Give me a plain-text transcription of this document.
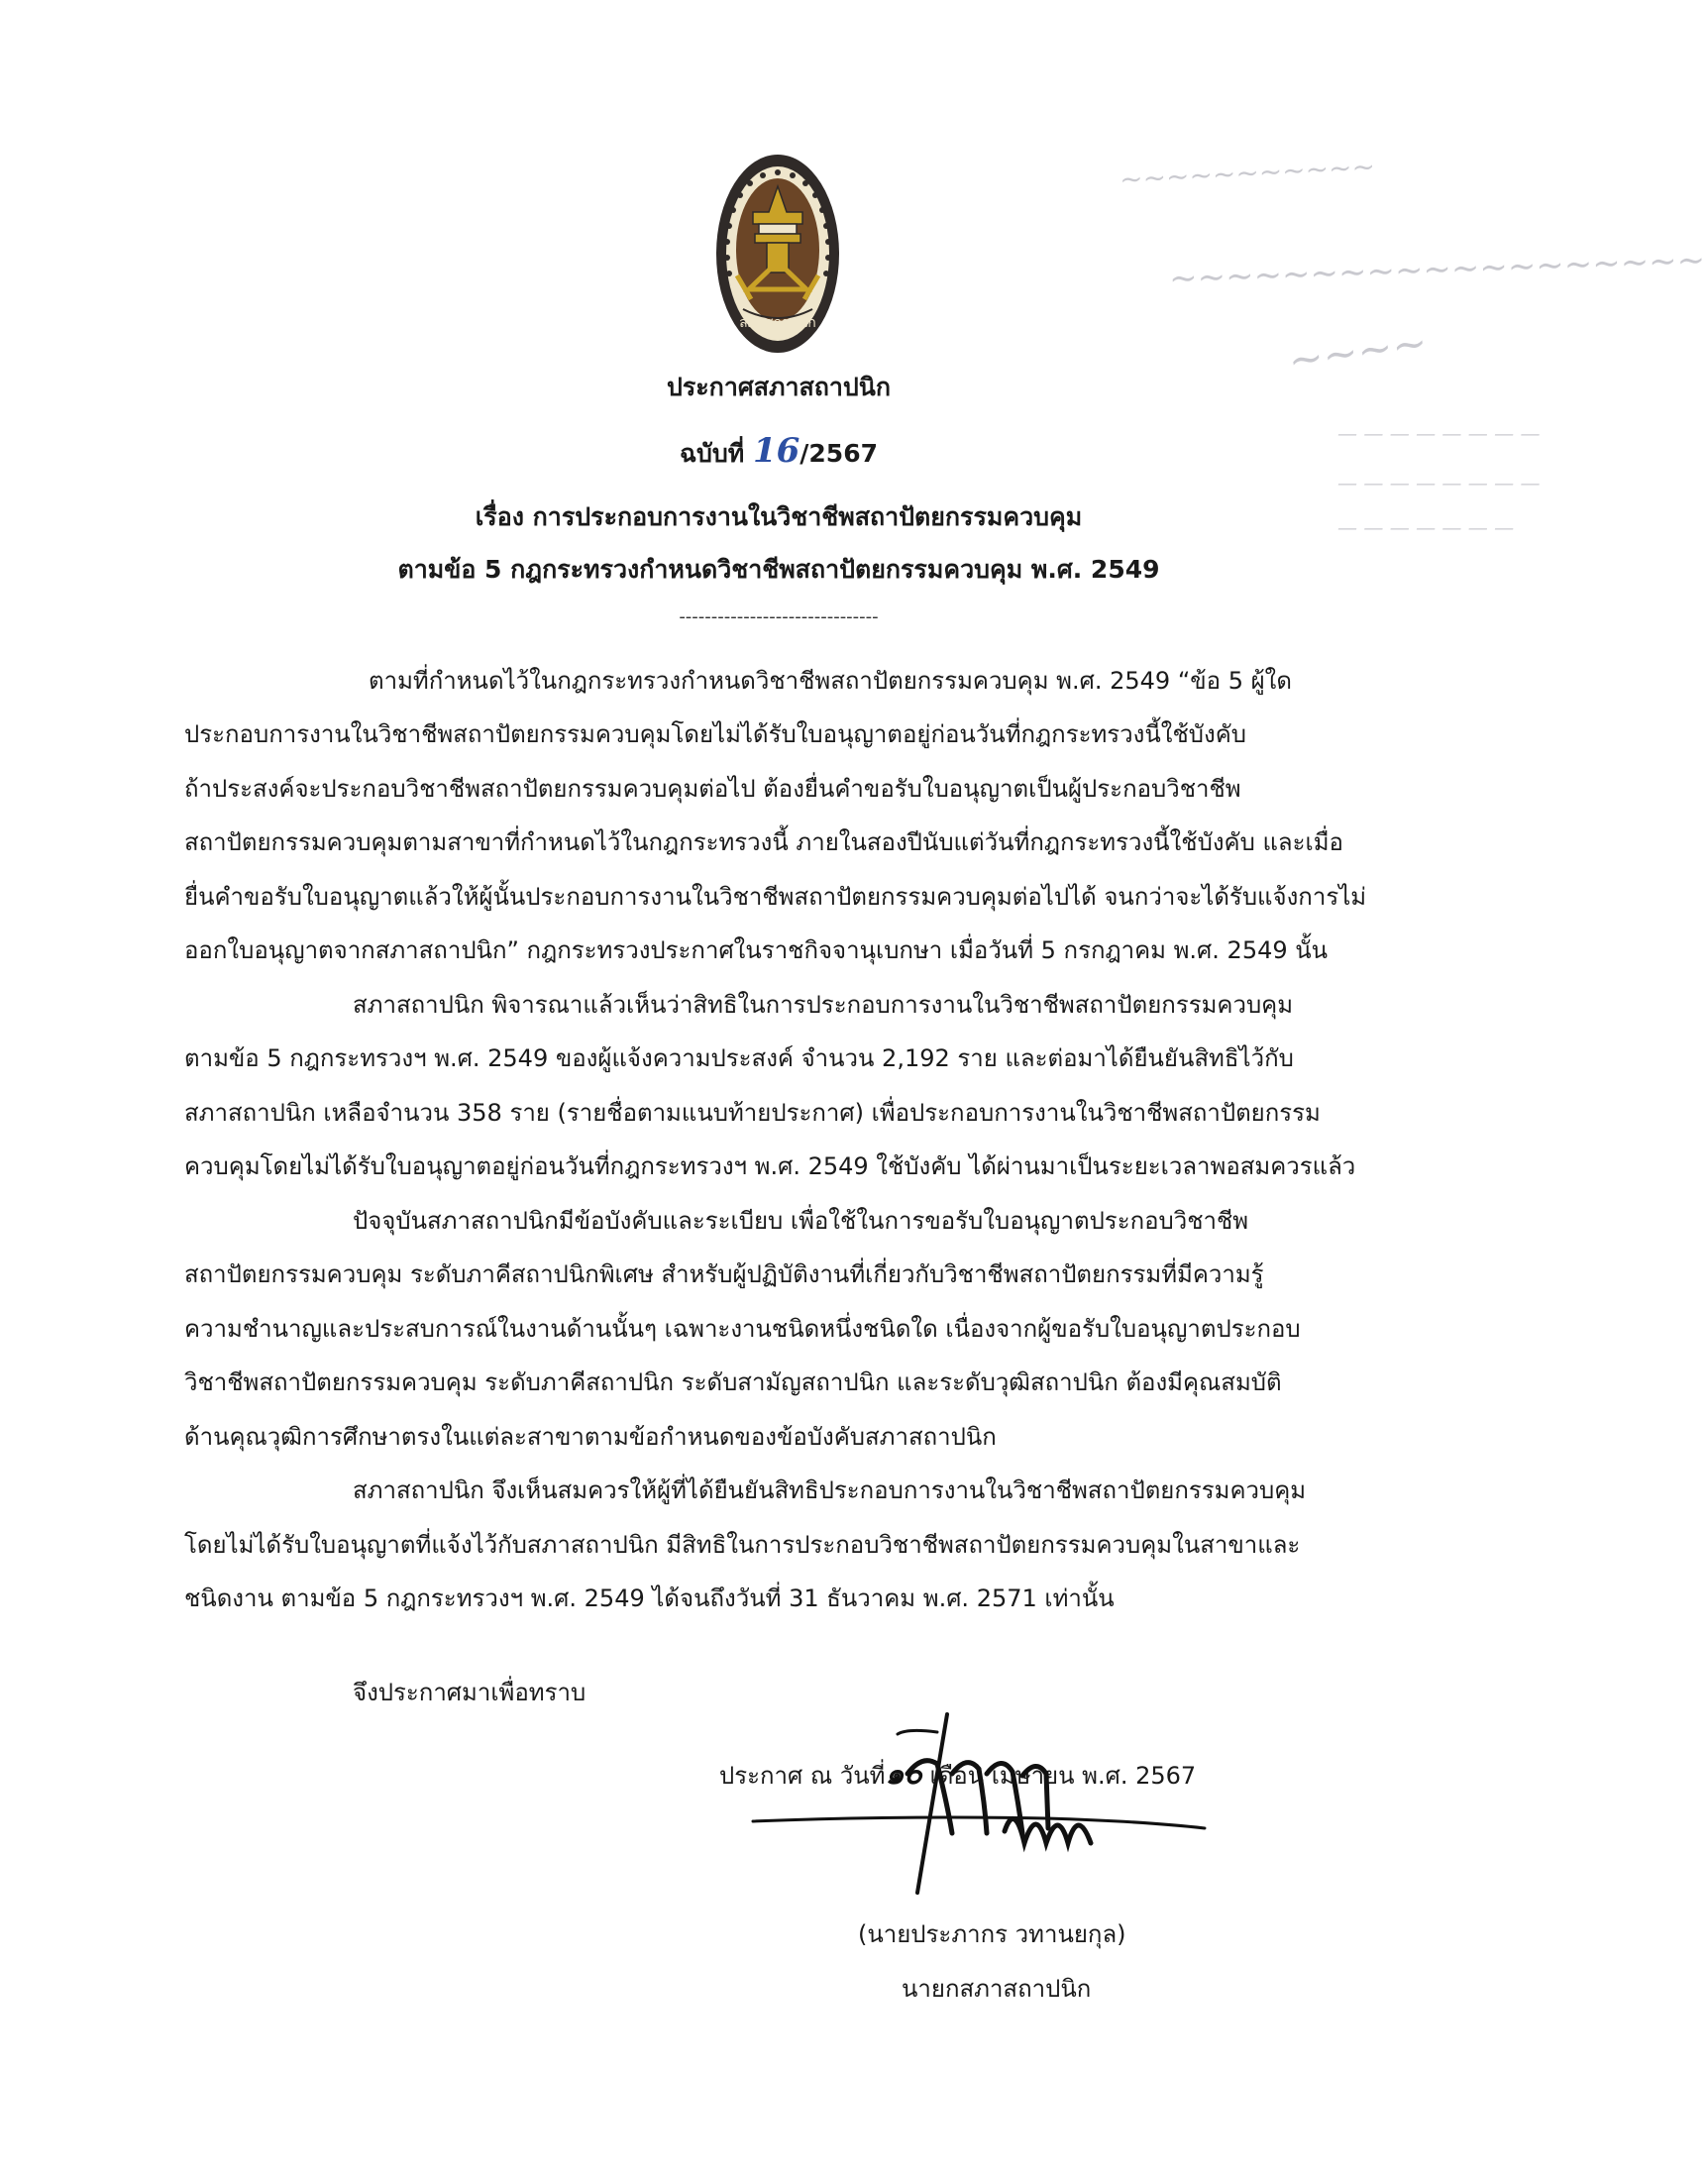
~~~~~~~~~~~
~~~~~~~~~~~~~~~~~~~
~~~~
— — — — — — — —
— — — — — — — —
— — — — — — —
สภาสถาปนิก
ประกาศสภาสถาปนิก
ฉบับที่ 16/2567
เรื่อง การประกอบการงานในวิชาชีพสถาปัตยกรรมควบคุม
ตามข้อ 5 กฎกระทรวงกำหนดวิชาชีพสถาปัตยกรรมควบคุม พ.ศ. 2549
-------------------------------
ตามที่กำหนดไว้ในกฎกระทรวงกำหนดวิชาชีพสถาปัตยกรรมควบคุม พ.ศ. 2549 “ข้อ 5 ผู้ใด
ประกอบการงานในวิชาชีพสถาปัตยกรรมควบคุมโดยไม่ได้รับใบอนุญาตอยู่ก่อนวันที่กฎกระทรวงนี้ใช้บังคับ
ถ้าประสงค์จะประกอบวิชาชีพสถาปัตยกรรมควบคุมต่อไป ต้องยื่นคำขอรับใบอนุญาตเป็นผู้ประกอบวิชาชีพ
สถาปัตยกรรมควบคุมตามสาขาที่กำหนดไว้ในกฎกระทรวงนี้ ภายในสองปีนับแต่วันที่กฎกระทรวงนี้ใช้บังคับ และเมื่อ
ยื่นคำขอรับใบอนุญาตแล้วให้ผู้นั้นประกอบการงานในวิชาชีพสถาปัตยกรรมควบคุมต่อไปได้ จนกว่าจะได้รับแจ้งการไม่
ออกใบอนุญาตจากสภาสถาปนิก” กฎกระทรวงประกาศในราชกิจจานุเบกษา เมื่อวันที่ 5 กรกฎาคม พ.ศ. 2549 นั้น
สภาสถาปนิก พิจารณาแล้วเห็นว่าสิทธิในการประกอบการงานในวิชาชีพสถาปัตยกรรมควบคุม
ตามข้อ 5 กฎกระทรวงฯ พ.ศ. 2549 ของผู้แจ้งความประสงค์ จำนวน 2,192 ราย และต่อมาได้ยืนยันสิทธิไว้กับ
สภาสถาปนิก เหลือจำนวน 358 ราย (รายชื่อตามแนบท้ายประกาศ) เพื่อประกอบการงานในวิชาชีพสถาปัตยกรรม
ควบคุมโดยไม่ได้รับใบอนุญาตอยู่ก่อนวันที่กฎกระทรวงฯ พ.ศ. 2549 ใช้บังคับ ได้ผ่านมาเป็นระยะเวลาพอสมควรแล้ว
ปัจจุบันสภาสถาปนิกมีข้อบังคับและระเบียบ เพื่อใช้ในการขอรับใบอนุญาตประกอบวิชาชีพ
สถาปัตยกรรมควบคุม ระดับภาคีสถาปนิกพิเศษ สำหรับผู้ปฏิบัติงานที่เกี่ยวกับวิชาชีพสถาปัตยกรรมที่มีความรู้
ความชำนาญและประสบการณ์ในงานด้านนั้นๆ เฉพาะงานชนิดหนึ่งชนิดใด เนื่องจากผู้ขอรับใบอนุญาตประกอบ
วิชาชีพสถาปัตยกรรมควบคุม ระดับภาคีสถาปนิก ระดับสามัญสถาปนิก และระดับวุฒิสถาปนิก ต้องมีคุณสมบัติ
ด้านคุณวุฒิการศึกษาตรงในแต่ละสาขาตามข้อกำหนดของข้อบังคับสภาสถาปนิก
สภาสถาปนิก จึงเห็นสมควรให้ผู้ที่ได้ยืนยันสิทธิประกอบการงานในวิชาชีพสถาปัตยกรรมควบคุม
โดยไม่ได้รับใบอนุญาตที่แจ้งไว้กับสภาสถาปนิก มีสิทธิในการประกอบวิชาชีพสถาปัตยกรรมควบคุมในสาขาและ
ชนิดงาน ตามข้อ 5 กฎกระทรวงฯ พ.ศ. 2549 ได้จนถึงวันที่ 31 ธันวาคม พ.ศ. 2571 เท่านั้น
จึงประกาศมาเพื่อทราบ
ประกาศ ณ วันที่๑๐ เดือน เมษายน พ.ศ. 2567
(นายประภากร วทานยกุล)
นายกสภาสถาปนิก
